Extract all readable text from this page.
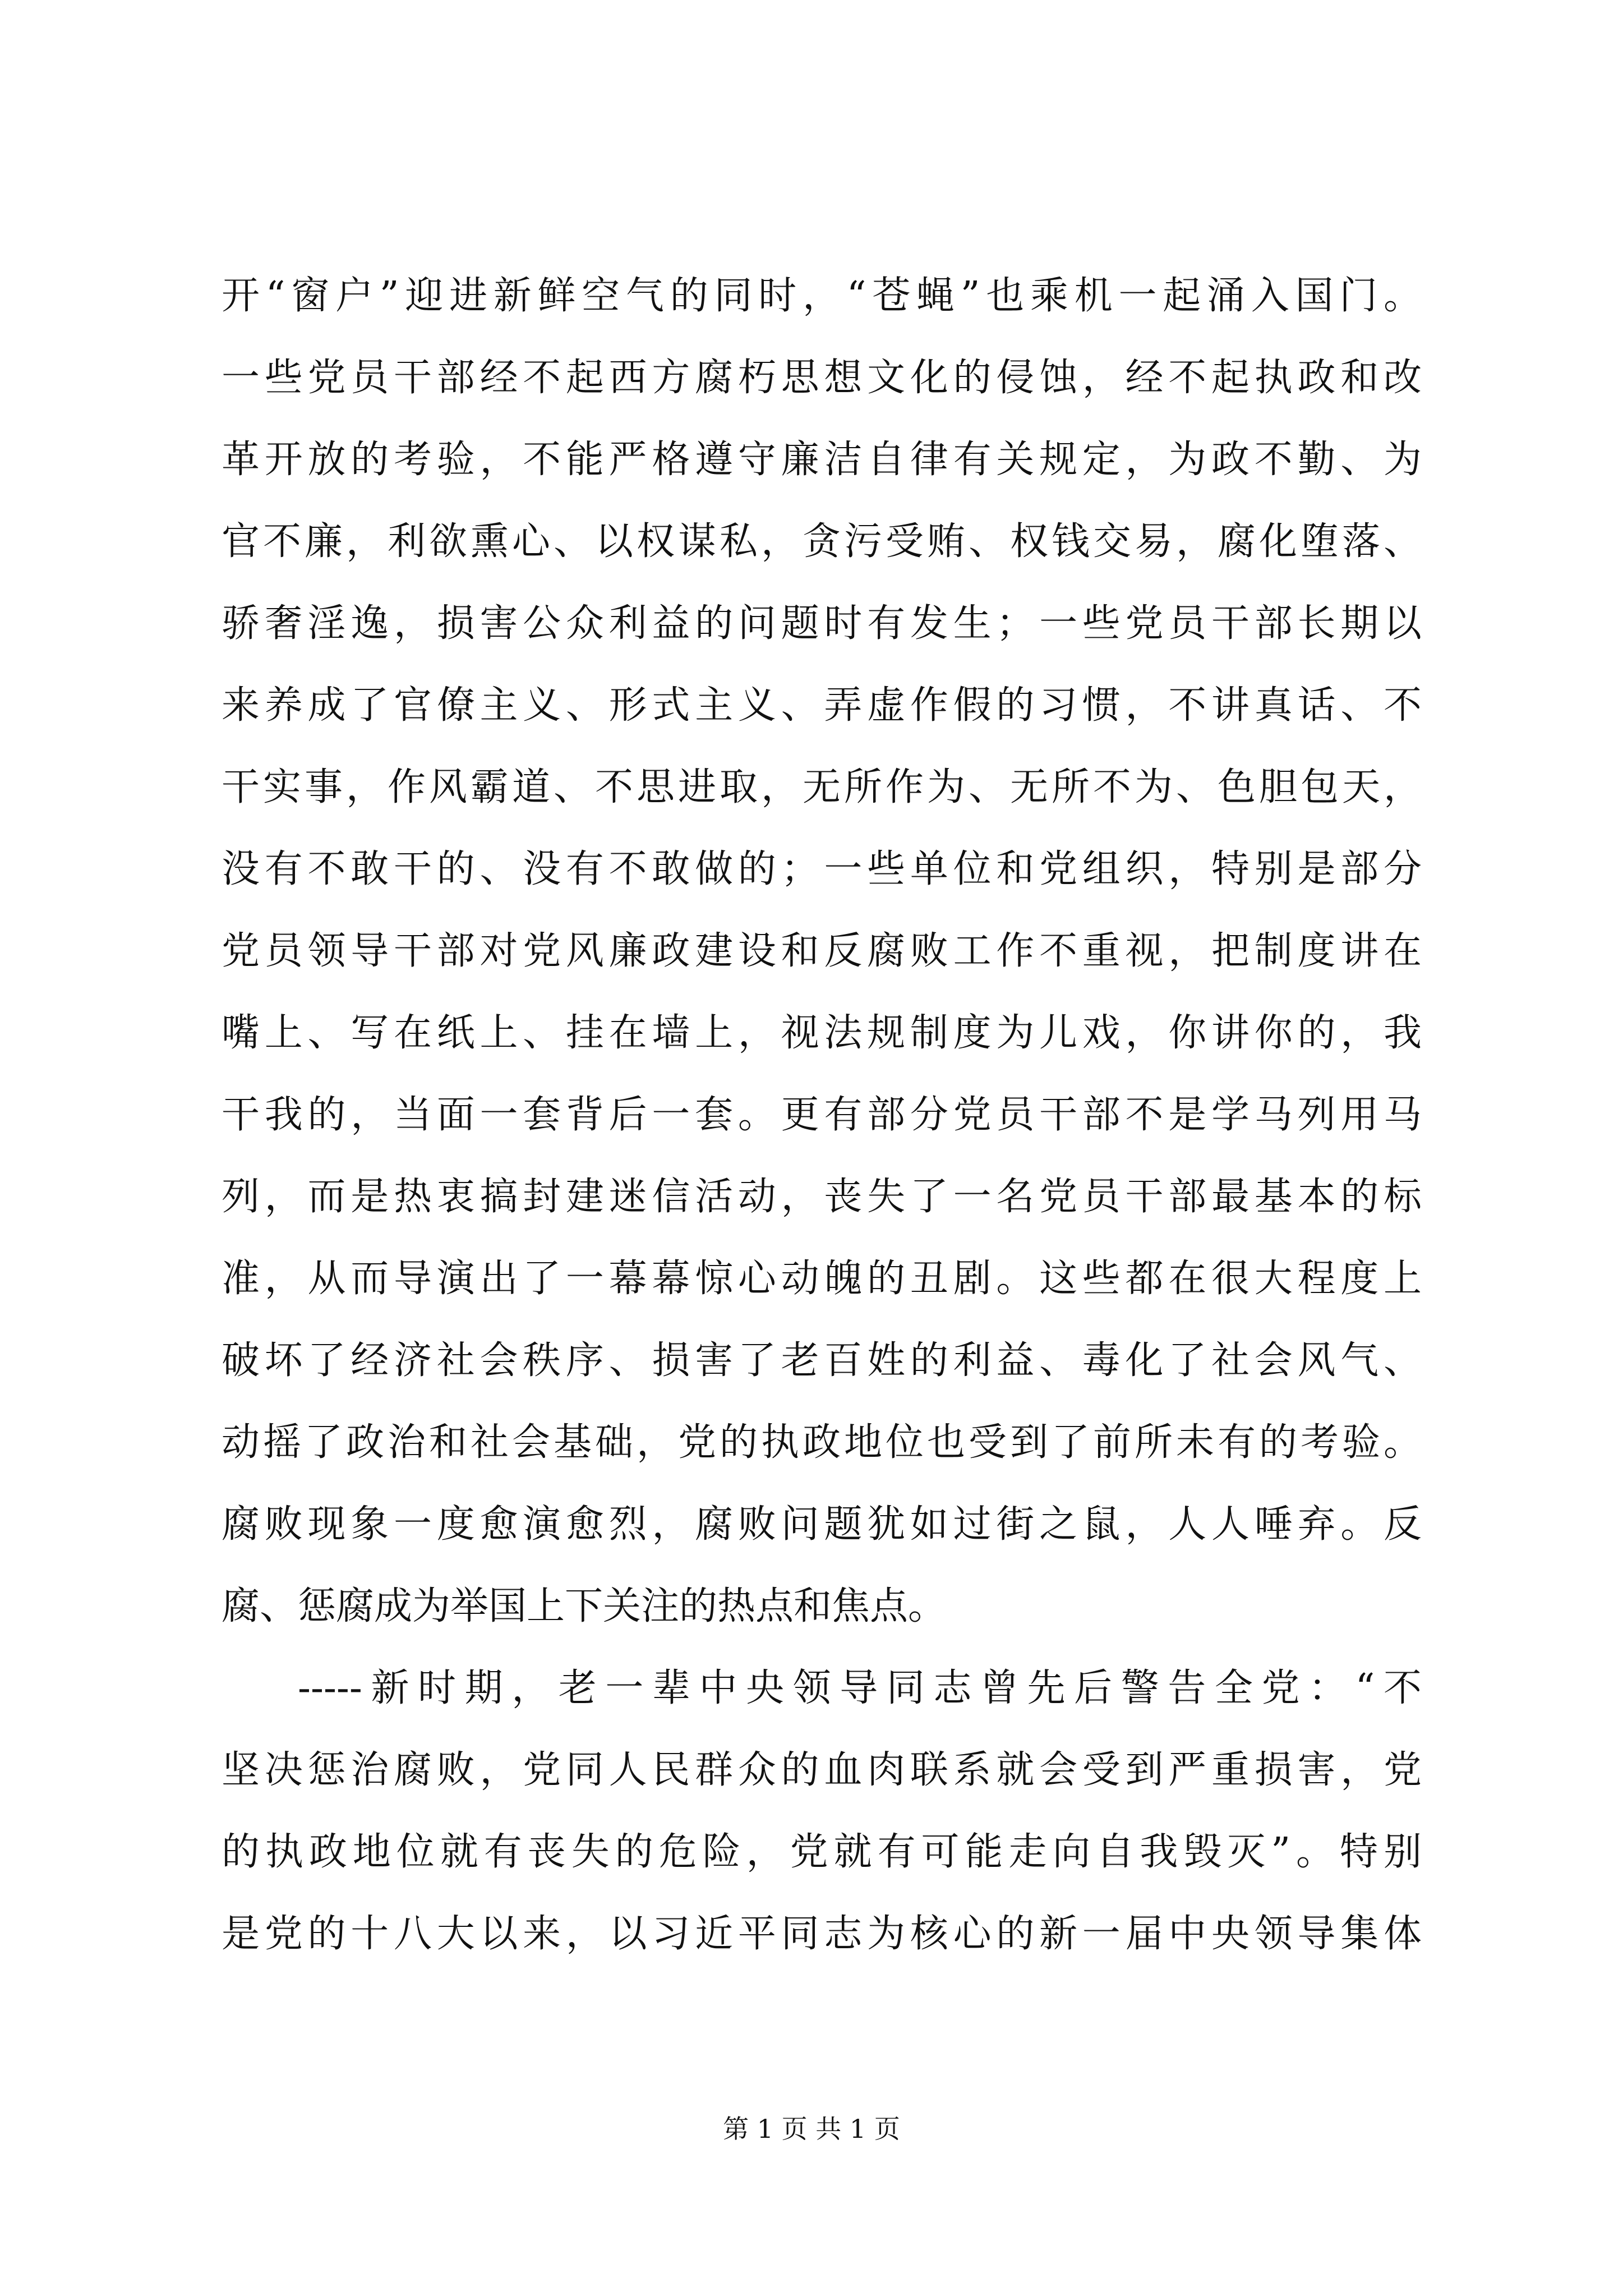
开“窗户”迎进新鲜空气的同时，“苍蝇”也乘机一起涌入国门。
一些党员干部经不起西方腐朽思想文化的侵蚀，经不起执政和改
革开放的考验，不能严格遵守廉洁自律有关规定，为政不勤、为
官不廉，利欲熏心、以权谋私，贪污受贿、权钱交易，腐化堕落、
骄奢淫逸，损害公众利益的问题时有发生；一些党员干部长期以
来养成了官僚主义、形式主义、弄虚作假的习惯，不讲真话、不
干实事，作风霸道、不思进取，无所作为、无所不为、色胆包天，
没有不敢干的、没有不敢做的；一些单位和党组织，特别是部分
党员领导干部对党风廉政建设和反腐败工作不重视，把制度讲在
嘴上、写在纸上、挂在墙上，视法规制度为儿戏，你讲你的，我
干我的，当面一套背后一套。更有部分党员干部不是学马列用马
列，而是热衷搞封建迷信活动，丧失了一名党员干部最基本的标
准，从而导演出了一幕幕惊心动魄的丑剧。这些都在很大程度上
破坏了经济社会秩序、损害了老百姓的利益、毒化了社会风气、
动摇了政治和社会基础，党的执政地位也受到了前所未有的考验。
腐败现象一度愈演愈烈，腐败问题犹如过街之鼠，人人唾弃。反
腐、惩腐成为举国上下关注的热点和焦点。
-----新时期，老一辈中央领导同志曾先后警告全党：“不
坚决惩治腐败，党同人民群众的血肉联系就会受到严重损害，党
的执政地位就有丧失的危险，党就有可能走向自我毁灭”。特别
是党的十八大以来，以习近平同志为核心的新一届中央领导集体
第 1 页 共 1 页
